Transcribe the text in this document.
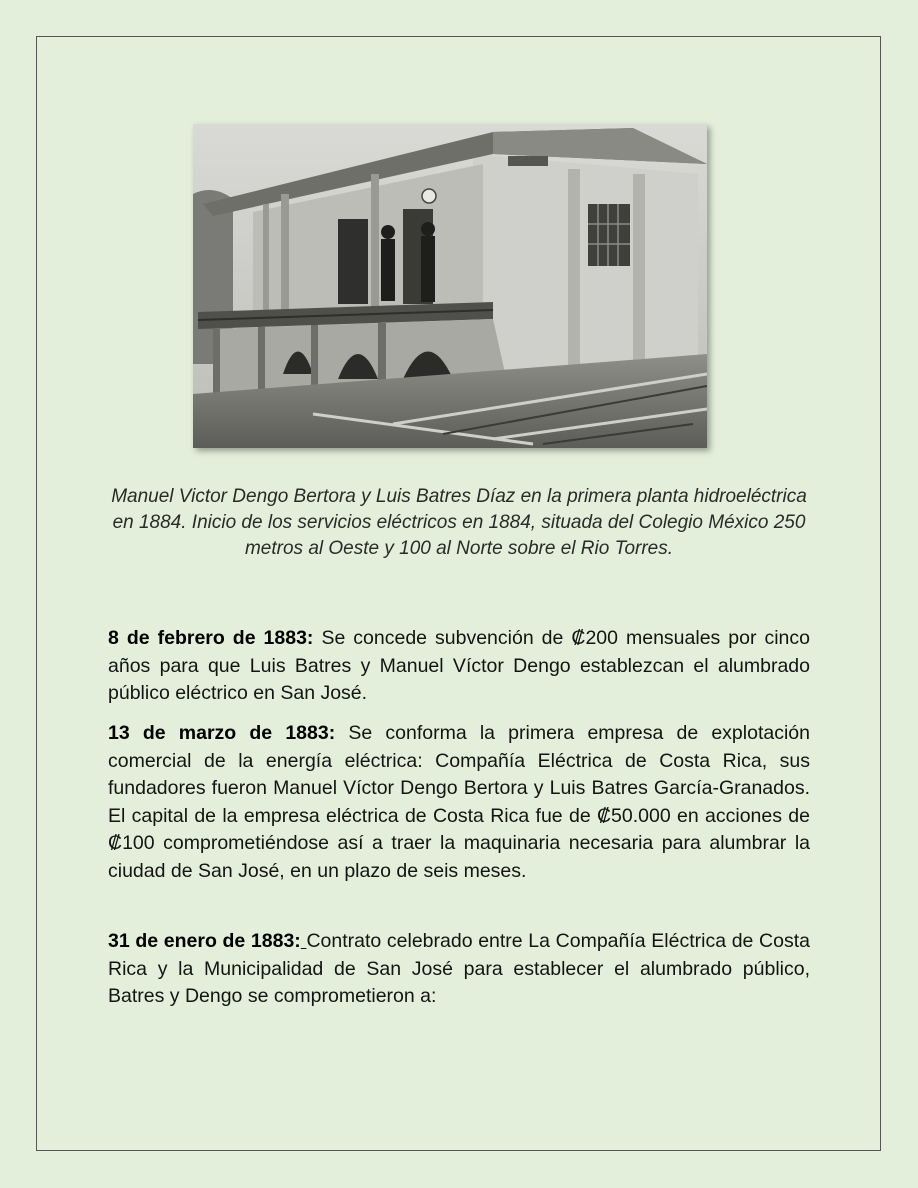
Manuel Victor Dengo Bertora y Luis Batres Díaz en la primera planta hidroeléctrica en 1884. Inicio de los servicios eléctricos en 1884, situada del Colegio México 250 metros al Oeste y 100 al Norte sobre el Rio Torres.

8 de febrero de 1883: Se concede subvención de ₡200 mensuales por cinco años para que Luis Batres y Manuel Víctor Dengo establezcan el alumbrado público eléctrico en San José.

13 de marzo de 1883: Se conforma la primera empresa de explotación comercial de la energía eléctrica: Compañía Eléctrica de Costa Rica, sus fundadores fueron Manuel Víctor Dengo Bertora y Luis Batres García-Granados. El capital de la empresa eléctrica de Costa Rica fue de ₡50.000 en acciones de ₡100 comprometiéndose así a traer la maquinaria necesaria para alumbrar la ciudad de San José, en un plazo de seis meses.

31 de enero de 1883: Contrato celebrado entre La Compañía Eléctrica de Costa Rica y la Municipalidad de San José para establecer el alumbrado público, Batres y Dengo se comprometieron a:
